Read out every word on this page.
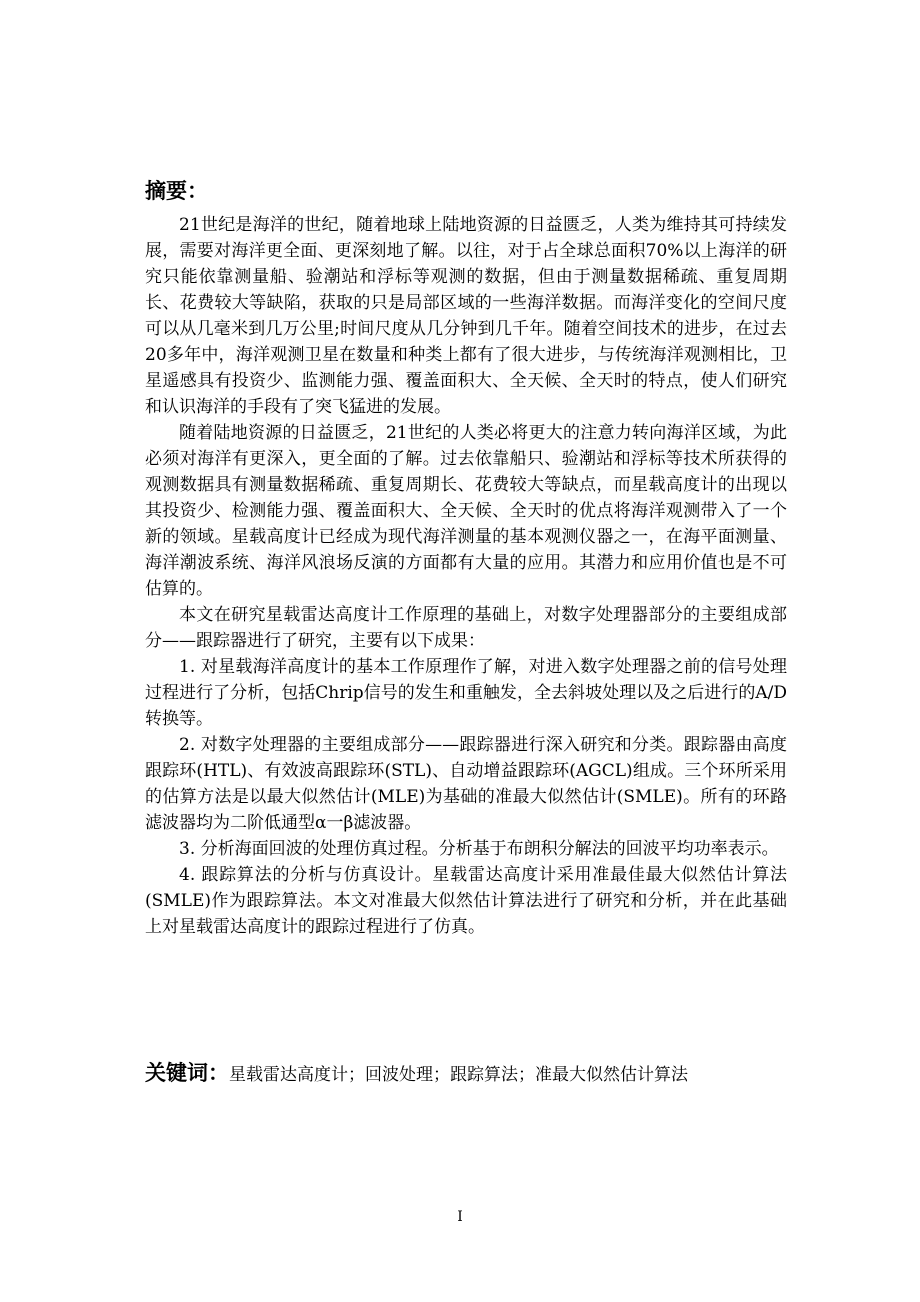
摘要：

21世纪是海洋的世纪，随着地球上陆地资源的日益匮乏，人类为维持其可持续发展，需要对海洋更全面、更深刻地了解。以往，对于占全球总面积70%以上海洋的研究只能依靠测量船、验潮站和浮标等观测的数据，但由于测量数据稀疏、重复周期长、花费较大等缺陷，获取的只是局部区域的一些海洋数据。而海洋变化的空间尺度可以从几毫米到几万公里;时间尺度从几分钟到几千年。随着空间技术的进步，在过去20多年中，海洋观测卫星在数量和种类上都有了很大进步，与传统海洋观测相比，卫星遥感具有投资少、监测能力强、覆盖面积大、全天候、全天时的特点，使人们研究和认识海洋的手段有了突飞猛进的发展。

随着陆地资源的日益匮乏，21世纪的人类必将更大的注意力转向海洋区域，为此必须对海洋有更深入，更全面的了解。过去依靠船只、验潮站和浮标等技术所获得的观测数据具有测量数据稀疏、重复周期长、花费较大等缺点，而星载高度计的出现以其投资少、检测能力强、覆盖面积大、全天候、全天时的优点将海洋观测带入了一个新的领域。星载高度计已经成为现代海洋测量的基本观测仪器之一，在海平面测量、海洋潮波系统、海洋风浪场反演的方面都有大量的应用。其潜力和应用价值也是不可估算的。

本文在研究星载雷达高度计工作原理的基础上，对数字处理器部分的主要组成部分——跟踪器进行了研究，主要有以下成果：

1. 对星载海洋高度计的基本工作原理作了解，对进入数字处理器之前的信号处理过程进行了分析，包括Chrip信号的发生和重触发，全去斜坡处理以及之后进行的A/D转换等。

2. 对数字处理器的主要组成部分——跟踪器进行深入研究和分类。跟踪器由高度跟踪环(HTL)、有效波高跟踪环(STL)、自动增益跟踪环(AGCL)组成。三个环所采用的估算方法是以最大似然估计(MLE)为基础的准最大似然估计(SMLE)。所有的环路滤波器均为二阶低通型α一β滤波器。

3. 分析海面回波的处理仿真过程。分析基于布朗积分解法的回波平均功率表示。

4. 跟踪算法的分析与仿真设计。星载雷达高度计采用准最佳最大似然估计算法(SMLE)作为跟踪算法。本文对准最大似然估计算法进行了研究和分析，并在此基础上对星载雷达高度计的跟踪过程进行了仿真。

关键词：星载雷达高度计；回波处理；跟踪算法；准最大似然估计算法
I
